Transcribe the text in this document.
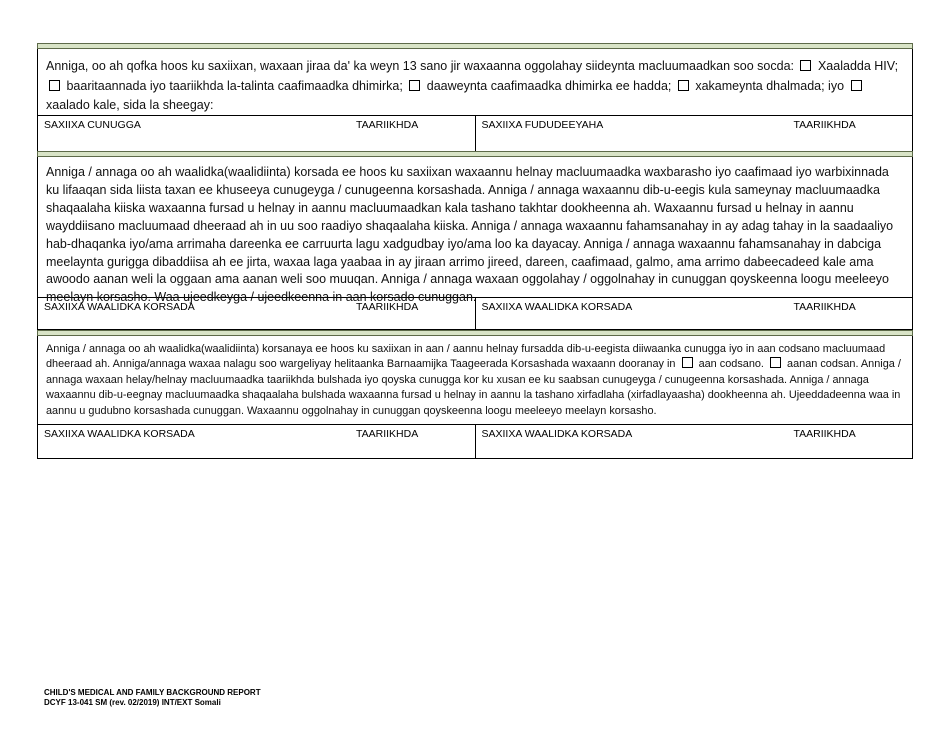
Anniga, oo ah qofka hoos ku saxiixan, waxaan jiraa da' ka weyn 13 sano jir waxaanna oggolahay siideynta macluumaadkan soo socda: Xaaladda HIV;  baaritaannada iyo taariikhda la-talinta caafimaadka dhimirka; daaweynta caafimaadka dhimirka ee hadda; xakameynta dhalmada; iyo  xaalado kale, sida la sheegay:
SAXIIXA CUNUGGA	TAARIIKHDA	SAXIIXA FUDUDEEYAHA	TAARIIKHDA
Anniga / annaga oo ah waalidka(waalidiinta) korsada ee hoos ku saxiixan waxaannu helnay macluumaadka waxbarasho iyo caafimaad iyo warbixinnada ku lifaaqan sida liista taxan ee khuseeya cunugeyga / cunugeenna korsashada. Anniga / annaga waxaannu dib-u-eegis kula sameynay macluumaadka shaqaalaha kiiska waxaanna fursad u helnay in aannu macluumaadkan kala tashano takhtar dookheenna ah. Waxaannu fursad u helnay in aannu wayddiisano macluumaad dheeraad ah in uu soo raadiyo shaqaalaha kiiska. Anniga / annaga waxaannu fahamsanahay in ay adag tahay in la saadaaliyo hab-dhaqanka iyo/ama arrimaha dareenka ee carruurta lagu xadgudbay iyo/ama loo ka dayacay. Anniga / annaga waxaannu fahamsanahay in dabciga meelaynta gurigga dibaddiisa ah ee jirta, waxaa laga yaabaa in ay jiraan arrimo jireed, dareen, caafimaad, galmo, ama arrimo dabeecadeed kale ama awoodo aanan weli la oggaan ama aanan weli soo muuqan. Anniga / annaga waxaan oggolahay / oggolnahay in cunuggan qoyskeenna loogu meeleeyo meelayn korsasho. Waa ujeedkeyga / ujeedkeenna in aan korsado cunuggan.
SAXIIXA WAALIDKA KORSADA	TAARIIKHDA	SAXIIXA WAALIDKA KORSADA	TAARIIKHDA
Anniga / annaga oo ah waalidka(waalidiinta) korsanaya ee hoos ku saxiixan in aan / aannu helnay fursadda dib-u-eegista diiwaanka cunugga iyo in aan codsano macluumaad dheeraad ah. Anniga/annaga waxaa nalagu soo wargeliyay helitaanka Barnaamijka Taageerada Korsashada waxaann dooranay in aan codsano. aanan codsan. Anniga / annaga waxaan helay/helnay macluumaadka taariikhda bulshada iyo qoyska cunugga kor ku xusan ee ku saabsan cunugeyga / cunugeenna korsashada. Anniga / annaga waxaannu dib-u-eegnay macluumaadka shaqaalaha bulshada waxaanna fursad u helnay in aannu la tashano xirfadlaha (xirfadlayaasha) dookheenna ah. Ujeeddadeenna waa in aannu u gudubno korsashada cunuggan. Waxaannu oggolnahay in cunuggan qoyskeenna loogu meeleeyo meelayn korsasho.
SAXIIXA WAALIDKA KORSADA	TAARIIKHDA	SAXIIXA WAALIDKA KORSADA	TAARIIKHDA
CHILD'S MEDICAL AND FAMILY BACKGROUND REPORT
DCYF 13-041 SM (rev. 02/2019) INT/EXT Somali
